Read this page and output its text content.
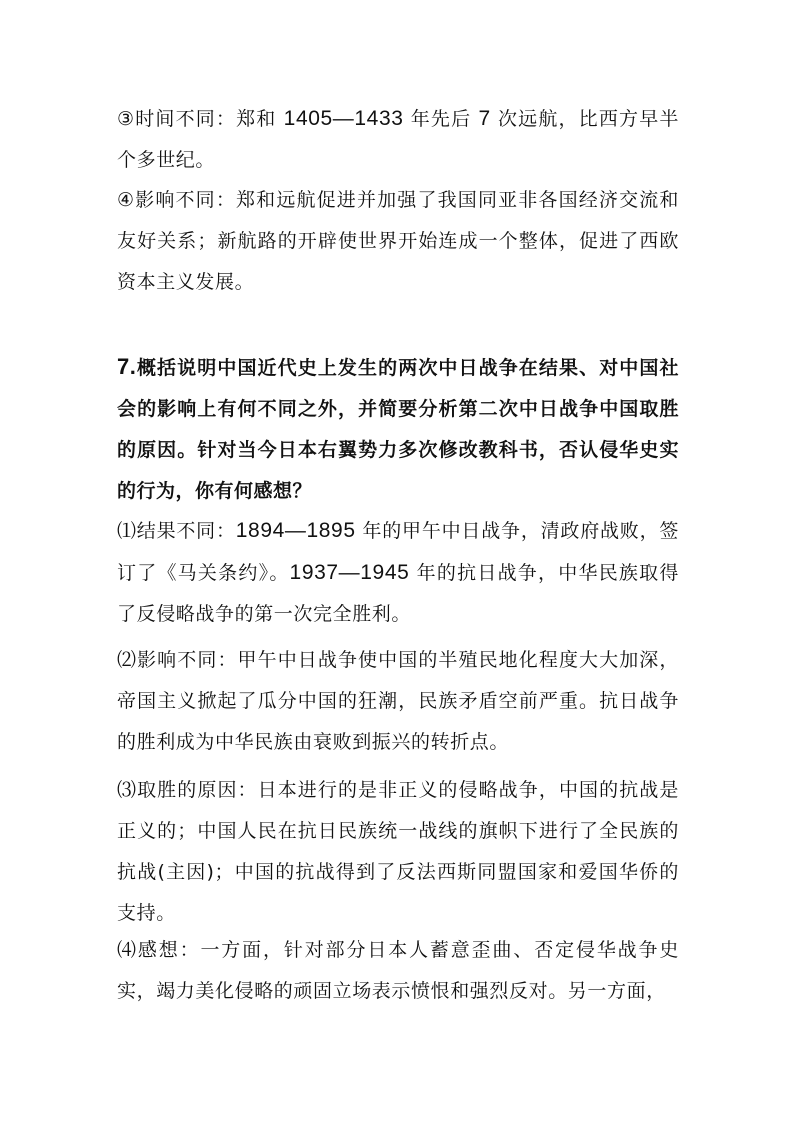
③时间不同：郑和 1405—1433 年先后 7 次远航，比西方早半个多世纪。

④影响不同：郑和远航促进并加强了我国同亚非各国经济交流和友好关系；新航路的开辟使世界开始连成一个整体，促进了西欧资本主义发展。

7.概括说明中国近代史上发生的两次中日战争在结果、对中国社会的影响上有何不同之外，并简要分析第二次中日战争中国取胜的原因。针对当今日本右翼势力多次修改教科书，否认侵华史实的行为，你有何感想？

⑴结果不同：1894—1895 年的甲午中日战争，清政府战败，签订了《马关条约》。1937—1945 年的抗日战争，中华民族取得了反侵略战争的第一次完全胜利。

⑵影响不同：甲午中日战争使中国的半殖民地化程度大大加深，帝国主义掀起了瓜分中国的狂潮，民族矛盾空前严重。抗日战争的胜利成为中华民族由衰败到振兴的转折点。

⑶取胜的原因：日本进行的是非正义的侵略战争，中国的抗战是正义的；中国人民在抗日民族统一战线的旗帜下进行了全民族的抗战(主因)；中国的抗战得到了反法西斯同盟国家和爱国华侨的支持。

⑷感想：一方面，针对部分日本人蓄意歪曲、否定侵华战争史实，竭力美化侵略的顽固立场表示愤恨和强烈反对。另一方面，
